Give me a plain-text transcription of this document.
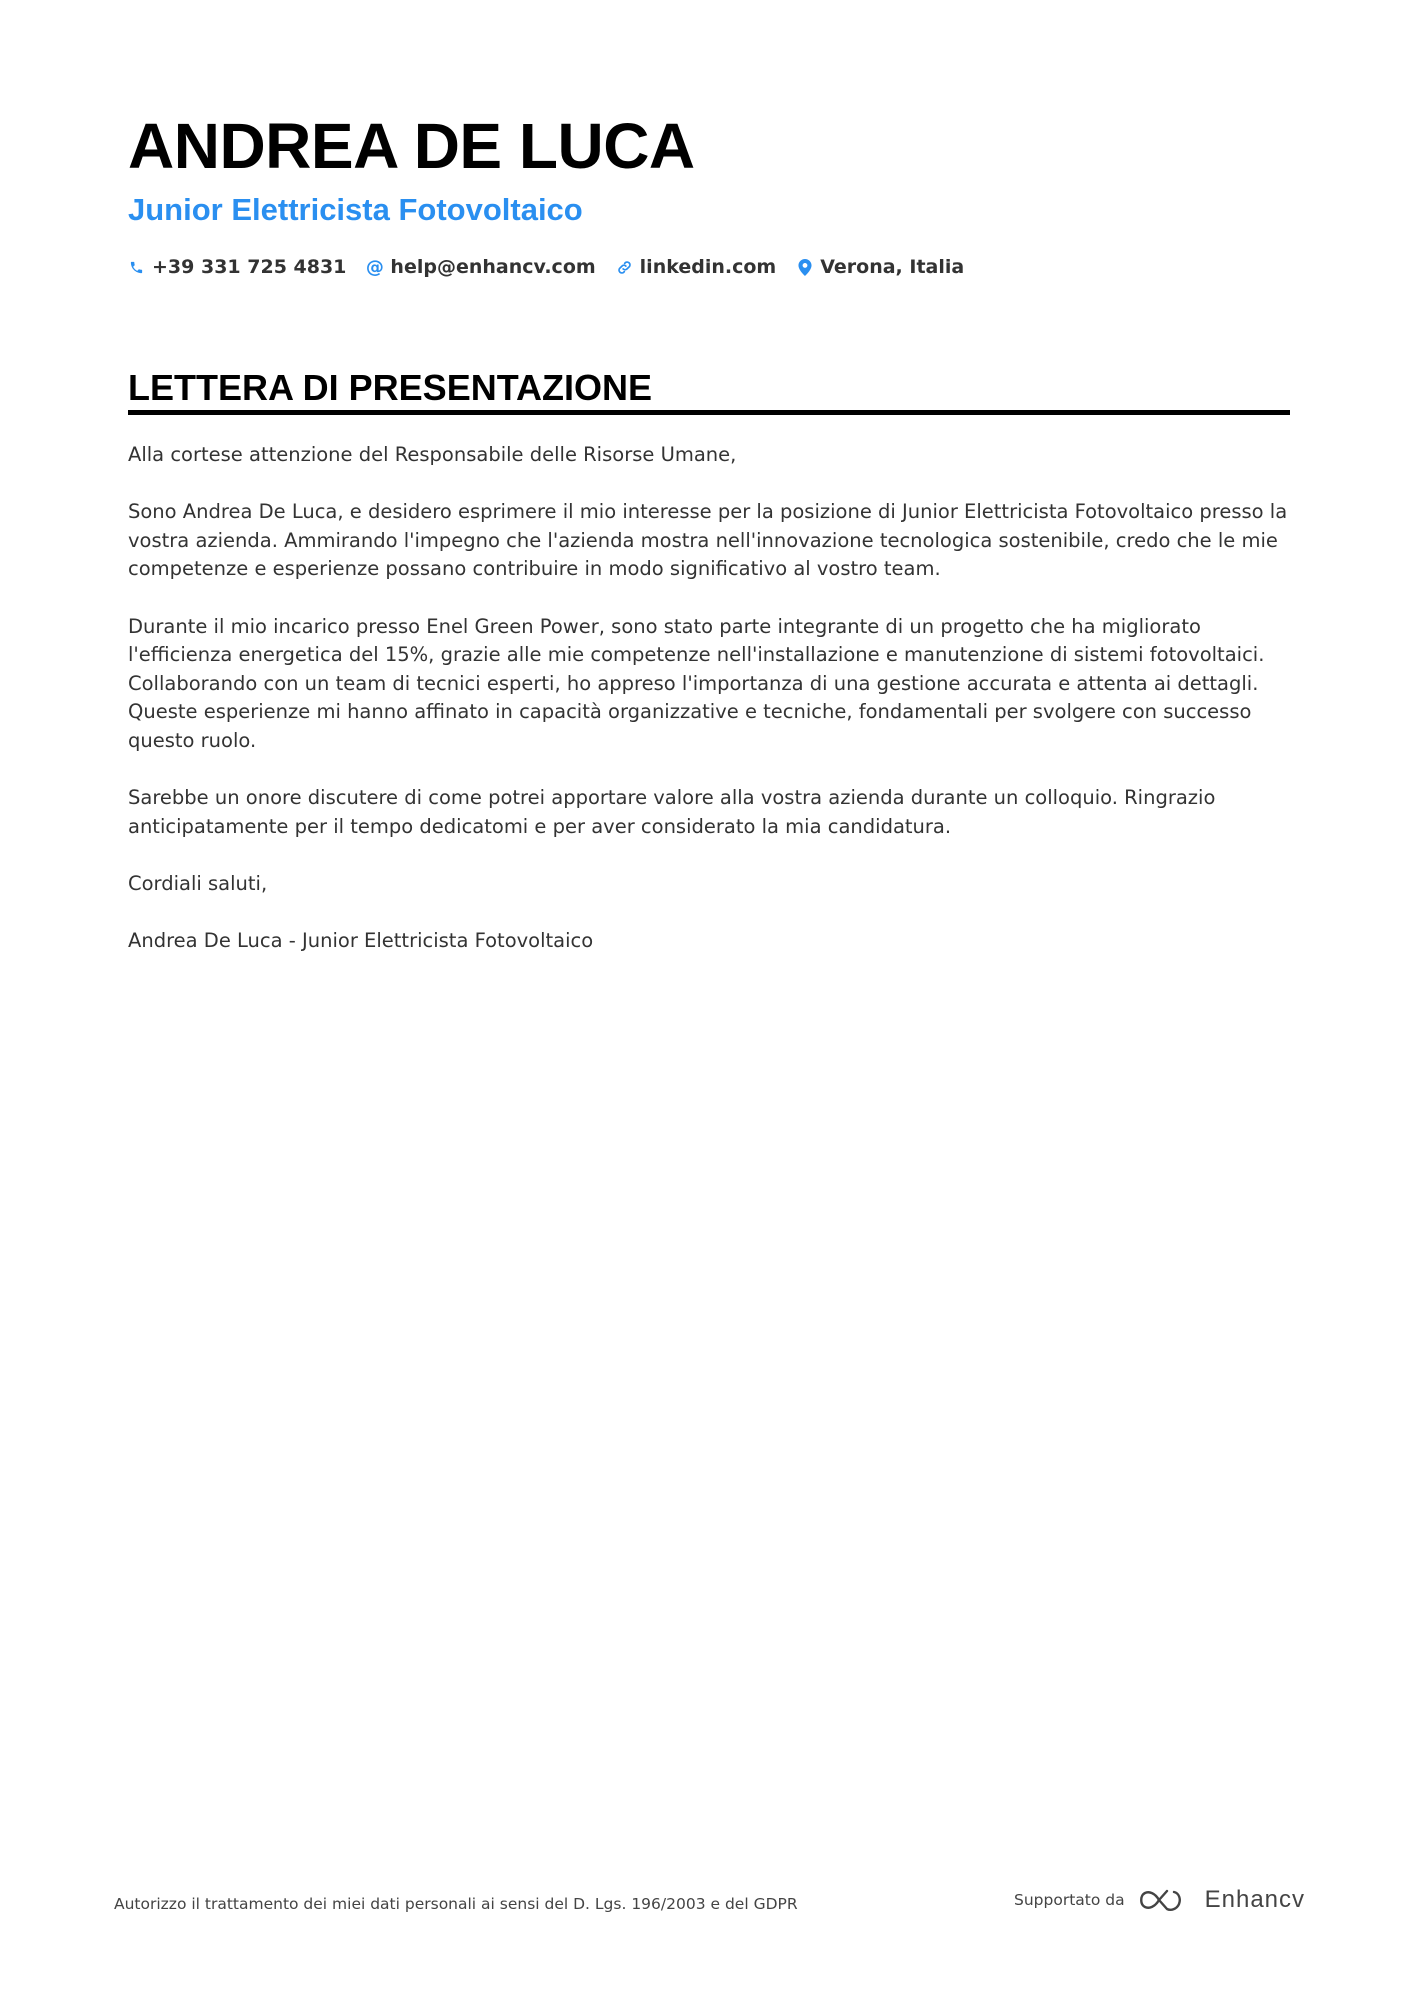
ANDREA DE LUCA
Junior Elettricista Fotovoltaico
+39 331 725 4831 @ help@enhancv.com linkedin.com Verona, Italia
LETTERA DI PRESENTAZIONE

Alla cortese attenzione del Responsabile delle Risorse Umane,

Sono Andrea De Luca, e desidero esprimere il mio interesse per la posizione di Junior Elettricista Fotovoltaico presso la vostra azienda. Ammirando l'impegno che l'azienda mostra nell'innovazione tecnologica sostenibile, credo che le mie competenze e esperienze possano contribuire in modo significativo al vostro team.

Durante il mio incarico presso Enel Green Power, sono stato parte integrante di un progetto che ha migliorato l'efficienza energetica del 15%, grazie alle mie competenze nell'installazione e manutenzione di sistemi fotovoltaici. Collaborando con un team di tecnici esperti, ho appreso l'importanza di una gestione accurata e attenta ai dettagli. Queste esperienze mi hanno affinato in capacità organizzative e tecniche, fondamentali per svolgere con successo questo ruolo.

Sarebbe un onore discutere di come potrei apportare valore alla vostra azienda durante un colloquio. Ringrazio anticipatamente per il tempo dedicatomi e per aver considerato la mia candidatura.

Cordiali saluti,

Andrea De Luca - Junior Elettricista Fotovoltaico

Autorizzo il trattamento dei miei dati personali ai sensi del D. Lgs. 196/2003 e del GDPR	Supportato da	Enhancv
